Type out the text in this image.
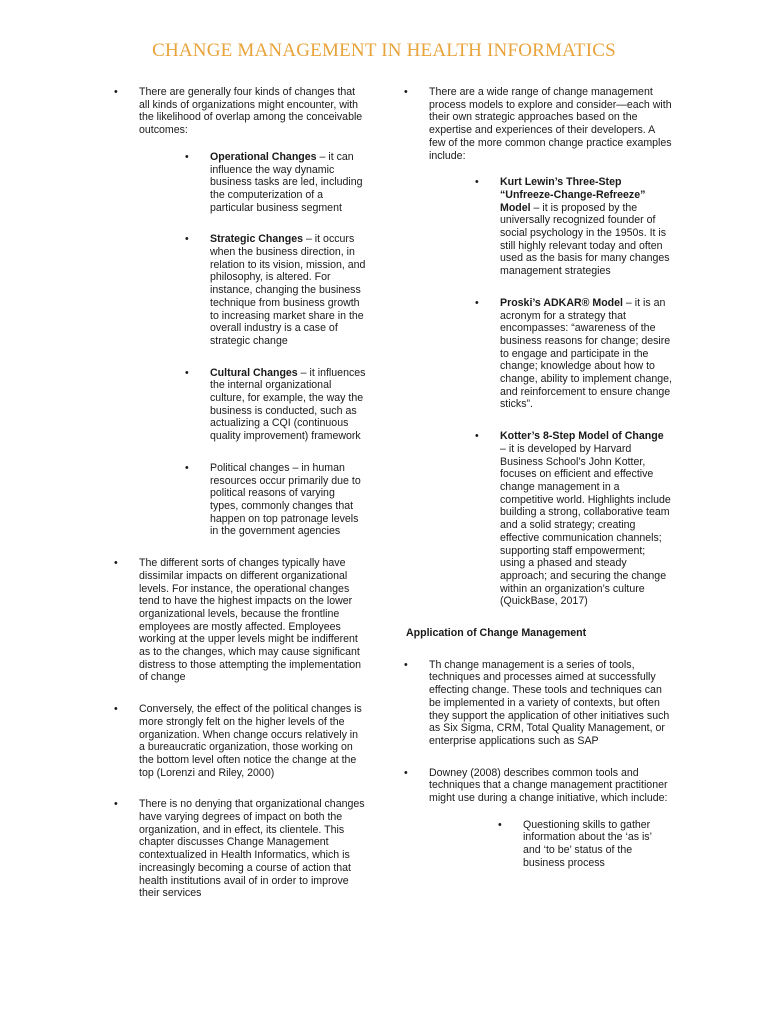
CHANGE MANAGEMENT IN HEALTH INFORMATICS
• There are generally four kinds of changes that all kinds of organizations might encounter, with the likelihood of overlap among the conceivable outcomes:
• Operational Changes – it can influence the way dynamic business tasks are led, including the computerization of a particular business segment
• Strategic Changes – it occurs when the business direction, in relation to its vision, mission, and philosophy, is altered. For instance, changing the business technique from business growth to increasing market share in the overall industry is a case of strategic change
• Cultural Changes – it influences the internal organizational culture, for example, the way the business is conducted, such as actualizing a CQI (continuous quality improvement) framework
• Political changes – in human resources occur primarily due to political reasons of varying types, commonly changes that happen on top patronage levels in the government agencies
• The different sorts of changes typically have dissimilar impacts on different organizational levels. For instance, the operational changes tend to have the highest impacts on the lower organizational levels, because the frontline employees are mostly affected. Employees working at the upper levels might be indifferent as to the changes, which may cause significant distress to those attempting the implementation of change
• Conversely, the effect of the political changes is more strongly felt on the higher levels of the organization. When change occurs relatively in a bureaucratic organization, those working on the bottom level often notice the change at the top (Lorenzi and Riley, 2000)
• There is no denying that organizational changes have varying degrees of impact on both the organization, and in effect, its clientele. This chapter discusses Change Management contextualized in Health Informatics, which is increasingly becoming a course of action that health institutions avail of in order to improve their services
• There are a wide range of change management process models to explore and consider—each with their own strategic approaches based on the expertise and experiences of their developers. A few of the more common change practice examples include:
• Kurt Lewin’s Three-Step “Unfreeze-Change-Refreeze” Model – it is proposed by the universally recognized founder of social psychology in the 1950s. It is still highly relevant today and often used as the basis for many changes management strategies
• Proski’s ADKAR® Model – it is an acronym for a strategy that encompasses: “awareness of the business reasons for change; desire to engage and participate in the change; knowledge about how to change, ability to implement change, and reinforcement to ensure change sticks”.
• Kotter’s 8-Step Model of Change – it is developed by Harvard Business School’s John Kotter, focuses on efficient and effective change management in a competitive world. Highlights include building a strong, collaborative team and a solid strategy; creating effective communication channels; supporting staff empowerment; using a phased and steady approach; and securing the change within an organization’s culture (QuickBase, 2017)
Application of Change Management
• Th change management is a series of tools, techniques and processes aimed at successfully effecting change. These tools and techniques can be implemented in a variety of contexts, but often they support the application of other initiatives such as Six Sigma, CRM, Total Quality Management, or enterprise applications such as SAP
• Downey (2008) describes common tools and techniques that a change management practitioner might use during a change initiative, which include:
• Questioning skills to gather information about the ‘as is’ and ‘to be’ status of the business process
